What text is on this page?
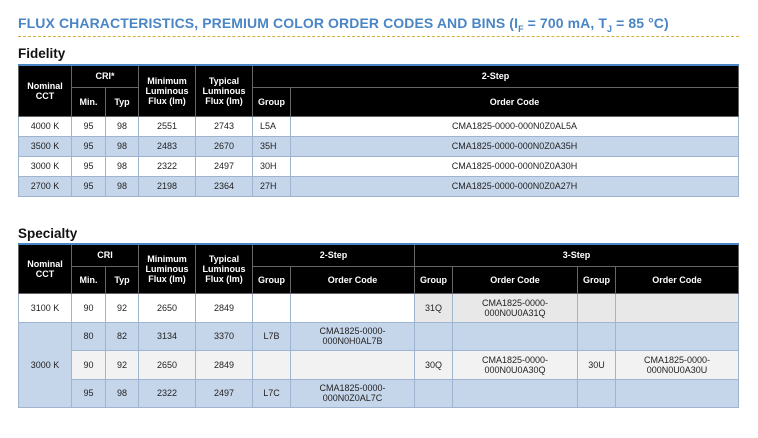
FLUX CHARACTERISTICS, PREMIUM COLOR ORDER CODES AND BINS ($I_F = 700$ mA, $T_J = 85$ °C)
Fidelity
Nominal CCT	CRI*		Minimum Luminous Flux (lm)	Typical Luminous Flux (lm)	2-Step	
	Min.	Typ			Group	Order Code
4000 K	95	98	2551	2743	L5A	CMA1825-0000-000N0Z0AL5A
3500 K	95	98	2483	2670	35H	CMA1825-0000-000N0Z0A35H
3000 K	95	98	2322	2497	30H	CMA1825-0000-000N0Z0A30H
2700 K	95	98	2198	2364	27H	CMA1825-0000-000N0Z0A27H
Specialty
Nominal CCT	CRI		Minimum Luminous Flux (lm)	Typical Luminous Flux (lm)	2-Step		3-Step			
	Min.	Typ			Group	Order Code	Group	Order Code	Group	Order Code
3100 K	90	92	2650	2849			31Q	CMA1825-0000-000N0U0A31Q		
3000 K	80	82	3134	3370	L7B	CMA1825-0000-000N0H0AL7B				
	90	92	2650	2849			30Q	CMA1825-0000-000N0U0A30Q	30U	CMA1825-0000-000N0U0A30U
	95	98	2322	2497	L7C	CMA1825-0000-000N0Z0AL7C				
